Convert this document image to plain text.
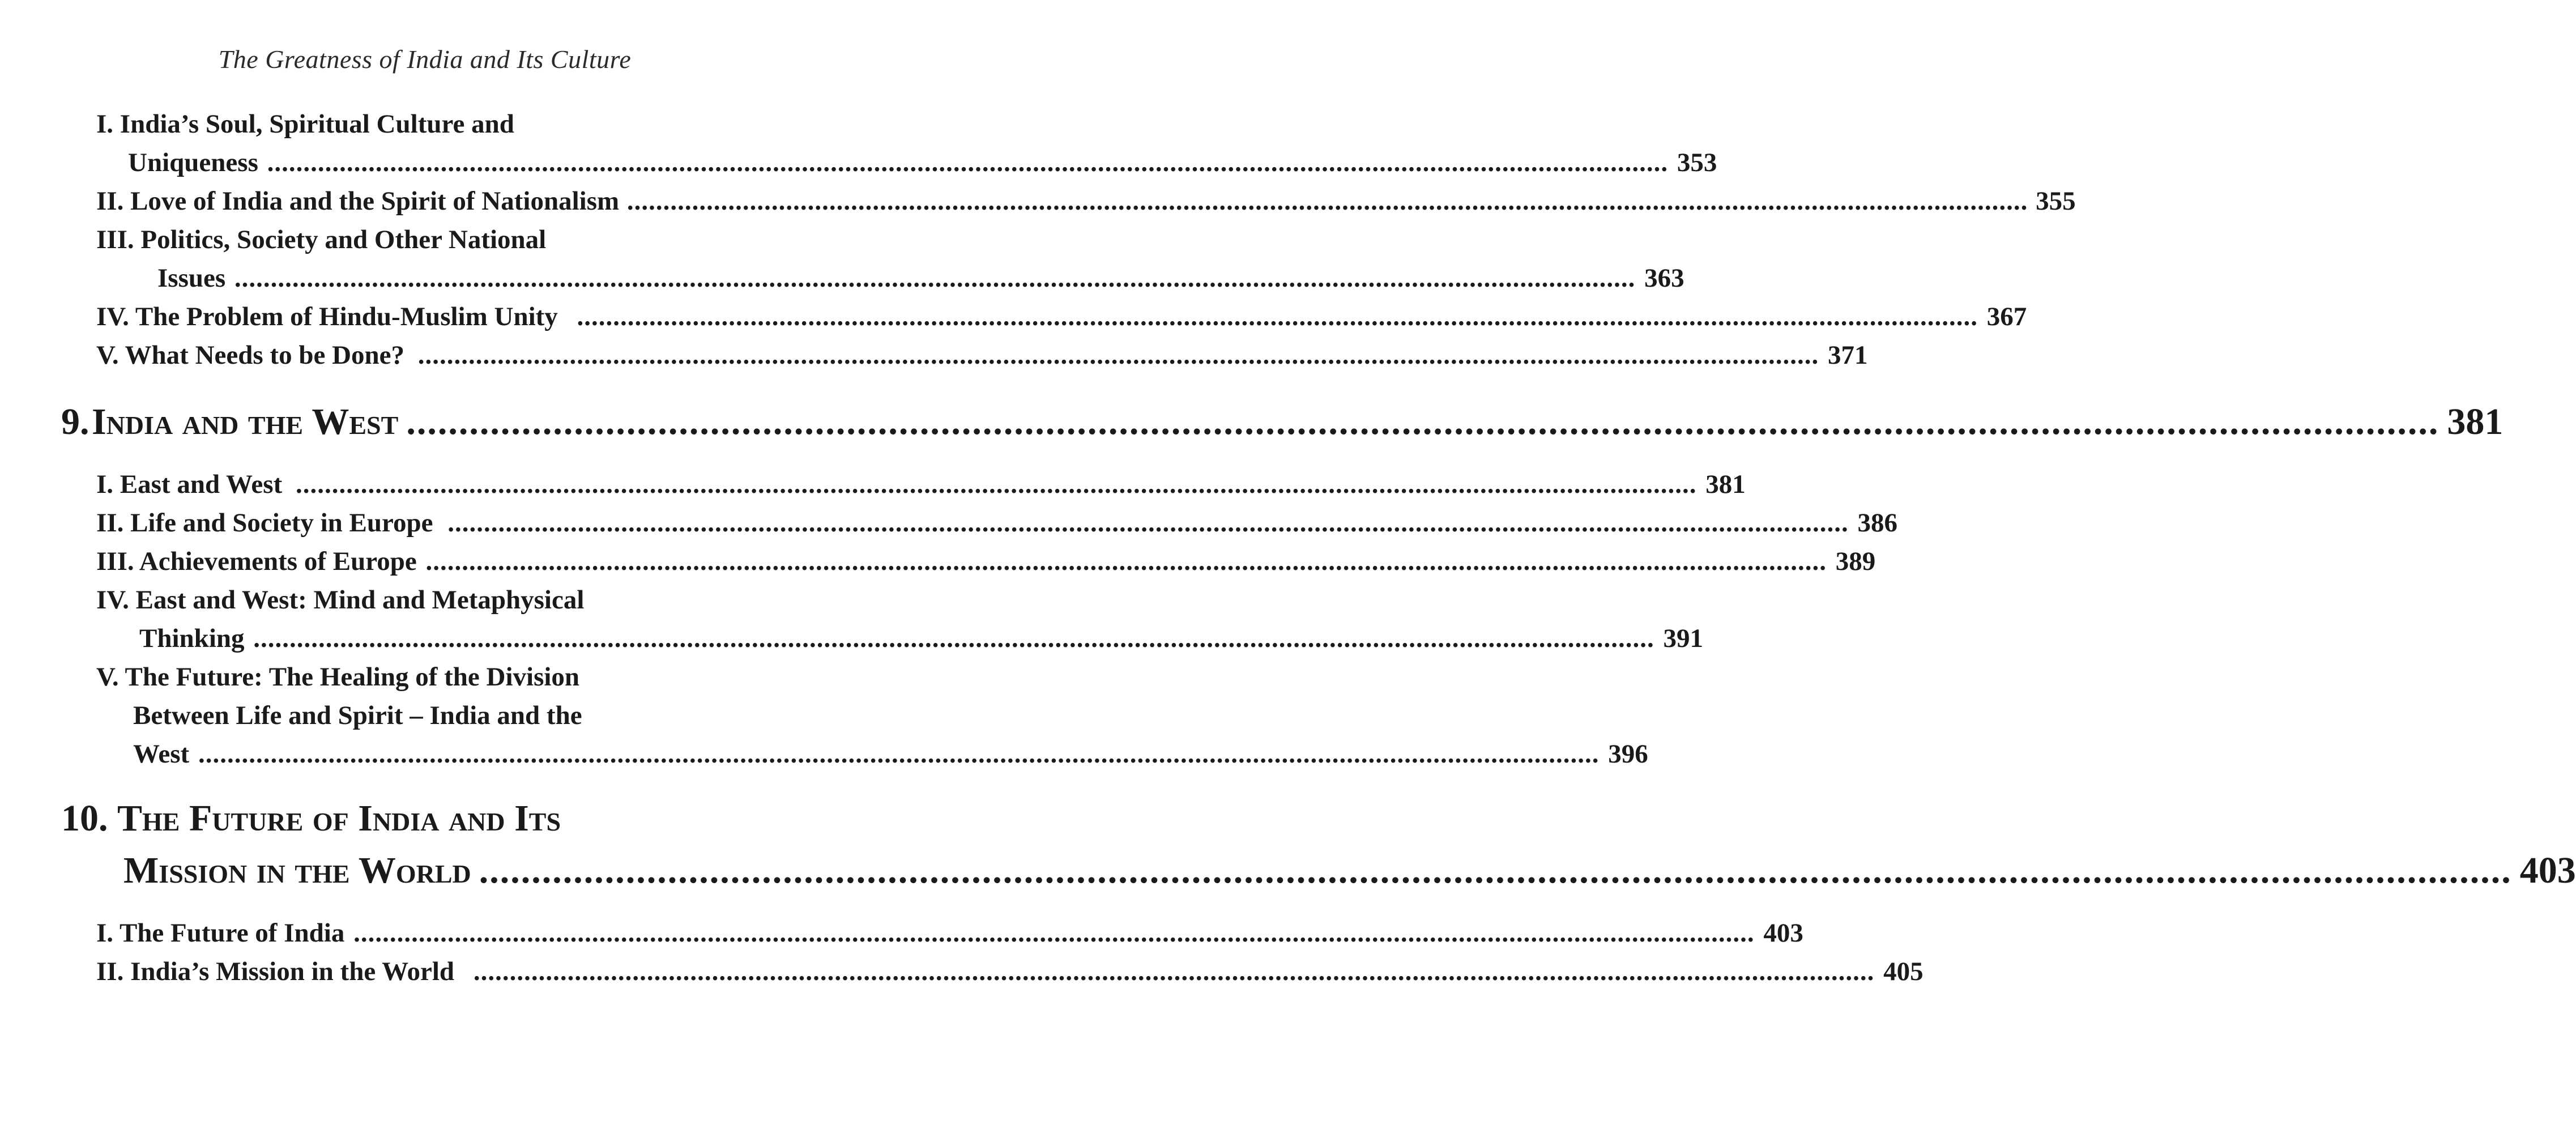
The Greatness of India and Its Culture
I. India’s Soul, Spiritual Culture and
Uniqueness .....	353
II. Love of India and the Spirit of Nationalism .....	355
III. Politics, Society and Other National
Issues .....	363
IV. The Problem of Hindu-Muslim Unity .....	367
V. What Needs to be Done? .....	371
9. India and the West .....	381
I. East and West .....	381
II. Life and Society in Europe .....	386
III. Achievements of Europe .....	389
IV. East and West: Mind and Metaphysical
Thinking .....	391
V. The Future: The Healing of the Division
Between Life and Spirit – India and the
West .....	396
10. The Future of India and Its
Mission in the World .....	403
I. The Future of India .....	403
II. India’s Mission in the World .....	405
